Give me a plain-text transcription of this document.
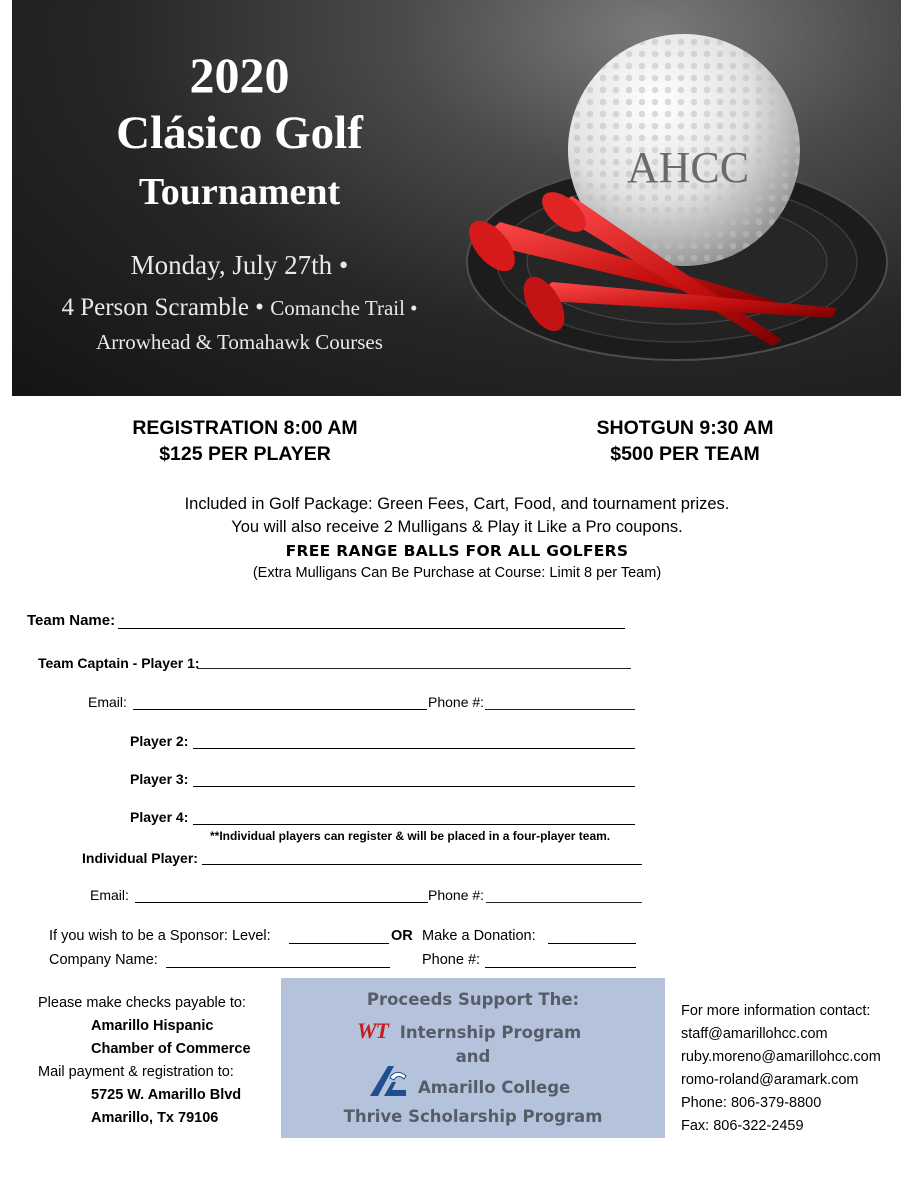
AHCC
2020
Clásico Golf
Tournament
Monday, July 27th •
4 Person Scramble • Comanche Trail •
Arrowhead & Tomahawk Courses
REGISTRATION 8:00 AM
$125 PER PLAYER
SHOTGUN 9:30 AM
$500 PER TEAM
Included in Golf Package: Green Fees, Cart, Food, and tournament prizes.
You will also receive 2 Mulligans & Play it Like a Pro coupons.
FREE RANGE BALLS FOR ALL GOLFERS
(Extra Mulligans Can Be Purchase at Course: Limit 8 per Team)
Team Name:
Team Captain - Player 1:
Email:	Phone #:
Player 2:
Player 3:
Player 4:
**Individual players can register & will be placed in a four-player team.
Individual Player:
Email:	Phone #:
If you wish to be a Sponsor: Level:	OR Make a Donation:
Company Name:	Phone #:
Please make checks payable to:
Amarillo Hispanic
Chamber of Commerce
Mail payment & registration to:
5725 W. Amarillo Blvd
Amarillo, Tx 79106
Proceeds Support The:
WT Internship Program
and
Amarillo College
Thrive Scholarship Program
For more information contact:
staff@amarillohcc.com
ruby.moreno@amarillohcc.com
romo-roland@aramark.com
Phone: 806-379-8800
Fax: 806-322-2459
